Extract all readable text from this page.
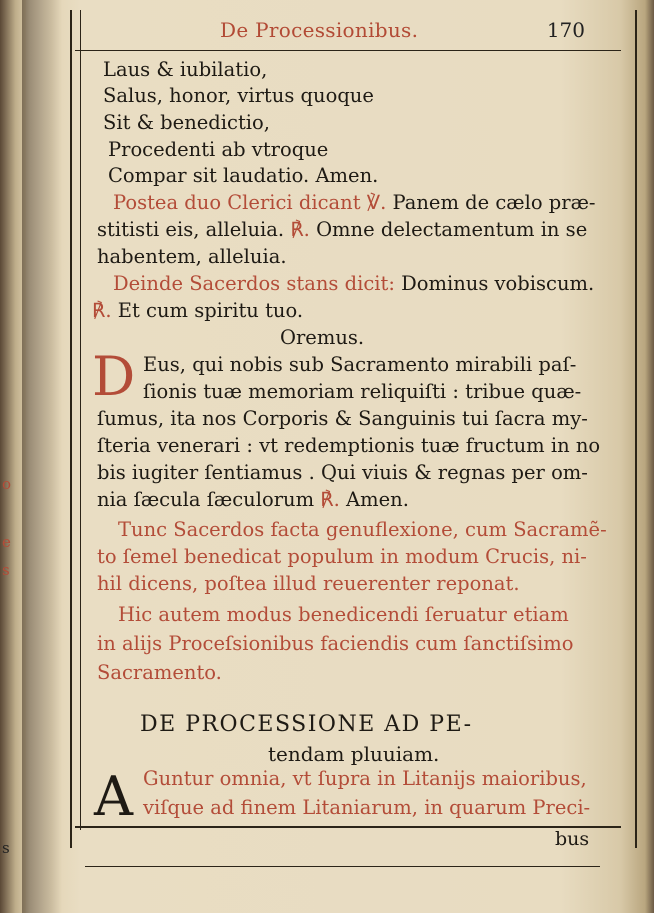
o
e
s
s
De Processionibus.	170
Laus & iubilatio,
Salus, honor, virtus quoque
Sit & benedictio,
Procedenti ab vtroque
Compar sit laudatio. Amen.
Postea duo Clerici dicant ℣. Panem de cælo præ-
stitisti eis, alleluia. ℟. Omne delectamentum in se
habentem, alleluia.
Deinde Sacerdos stans dicit: Dominus vobiscum.
℟. Et cum spiritu tuo.
Oremus.
D Eus, qui nobis sub Sacramento mirabili paſ-
ſionis tuæ memoriam reliquiſti : tribue quæ-
ſumus, ita nos Corporis & Sanguinis tui ſacra my-
ſteria venerari : vt redemptionis tuæ fructum in no
bis iugiter ſentiamus . Qui viuis & regnas per om-
nia ſæcula ſæculorum ℟. Amen.
Tunc Sacerdos facta genuflexione, cum Sacramẽ-
to ſemel benedicat populum in modum Crucis, ni-
hil dicens, poſtea illud reuerenter reponat.
Hic autem modus benedicendi ſeruatur etiam
in alijs Proceſsionibus faciendis cum ſanctiſsimo
Sacramento.
DE PROCESSIONE AD PE-
tendam pluuiam.
A Guntur omnia, vt ſupra in Litanijs maioribus,
viſque ad finem Litaniarum, in quarum Preci-
bus
